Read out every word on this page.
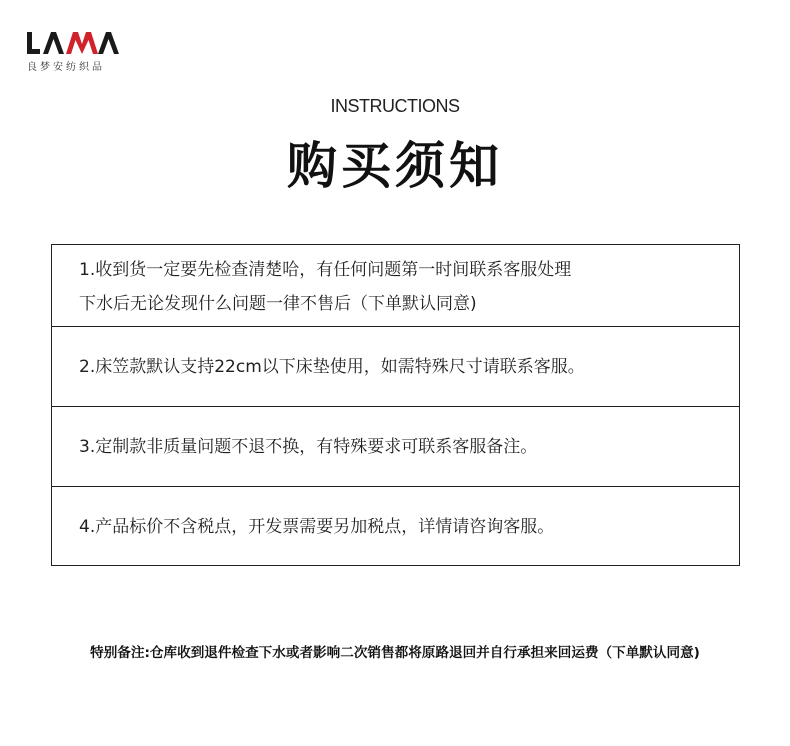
良梦安纺织品
INSTRUCTIONS
购买须知
1.收到货一定要先检查清楚哈，有任何问题第一时间联系客服处理
下水后无论发现什么问题一律不售后（下单默认同意)
2.床笠款默认支持22cm以下床垫使用，如需特殊尺寸请联系客服。
3.定制款非质量问题不退不换，有特殊要求可联系客服备注。
4.产品标价不含税点，开发票需要另加税点，详情请咨询客服。
特别备注:仓库收到退件检查下水或者影响二次销售都将原路退回并自行承担来回运费（下单默认同意)
